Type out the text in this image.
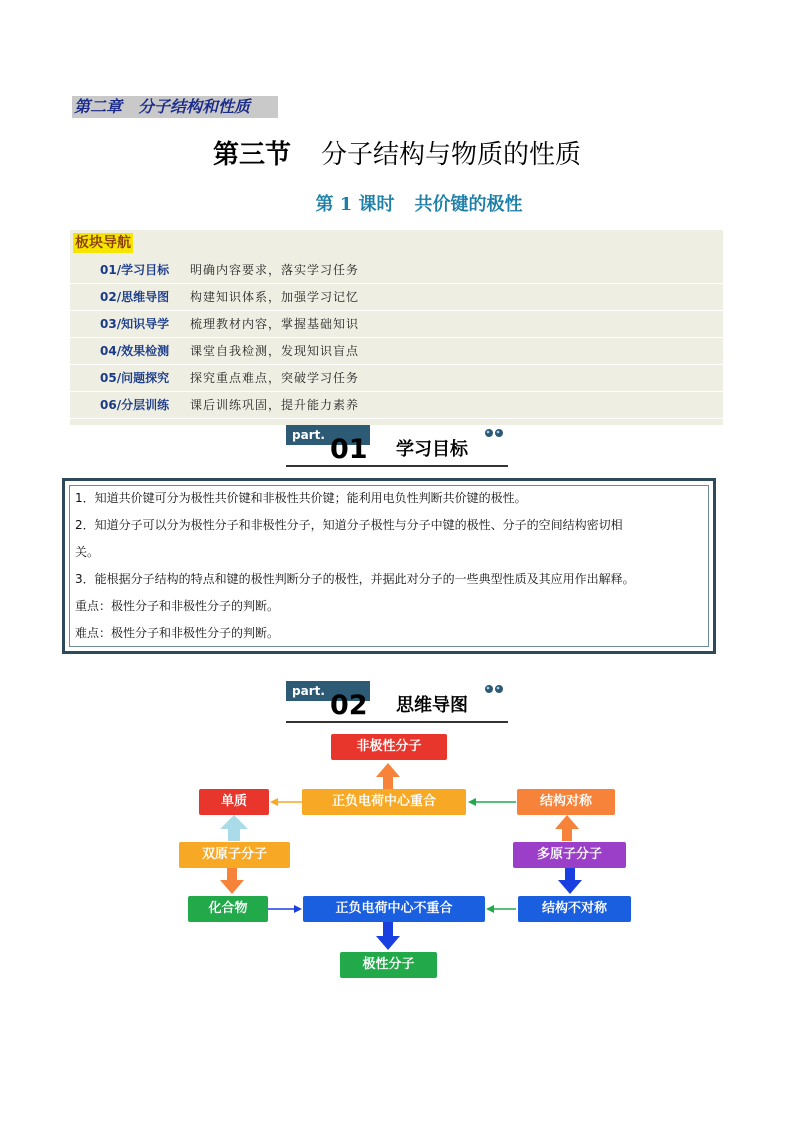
第二章 分子结构和性质
第三节 分子结构与物质的性质
第 1 课时 共价键的极性
板块导航
01/学习目标 明确内容要求，落实学习任务
02/思维导图 构建知识体系，加强学习记忆
03/知识导学 梳理教材内容，掌握基础知识
04/效果检测 课堂自我检测，发现知识盲点
05/问题探究 探究重点难点，突破学习任务
06/分层训练 课后训练巩固，提升能力素养
part. 01 学习目标
1．知道共价键可分为极性共价键和非极性共价键；能利用电负性判断共价键的极性。
2．知道分子可以分为极性分子和非极性分子，知道分子极性与分子中键的极性、分子的空间结构密切相
关。
3．能根据分子结构的特点和键的极性判断分子的极性，并据此对分子的一些典型性质及其应用作出解释。
重点：极性分子和非极性分子的判断。
难点：极性分子和非极性分子的判断。
part. 02 思维导图
非极性分子
单质	正负电荷中心重合	结构对称
双原子分子	多原子分子
化合物	正负电荷中心不重合	结构不对称
极性分子
